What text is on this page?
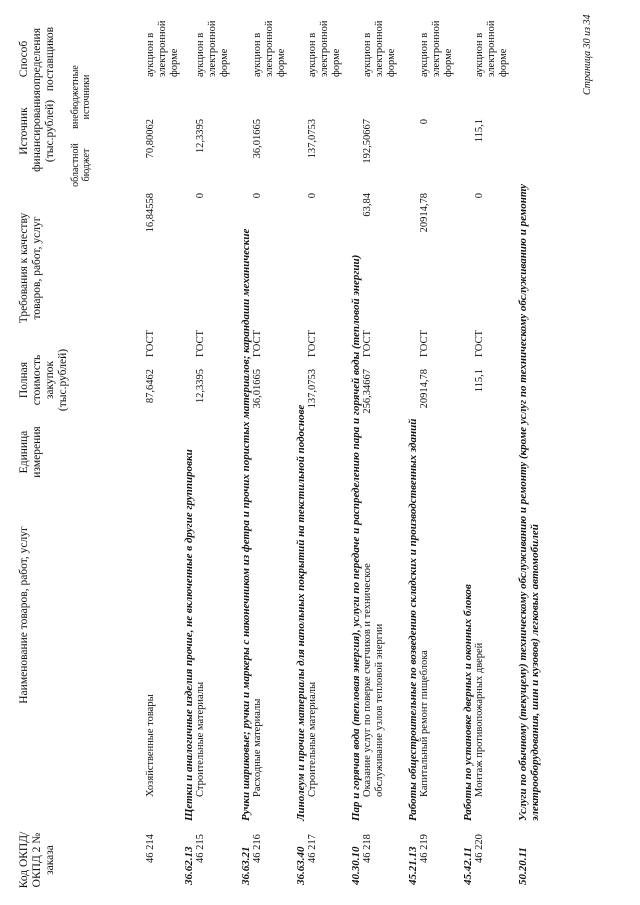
Код ОКПД/ ОКПД 2 № заказа
Наименование товаров, работ, услуг
Единица измерения
Полная стоимость закупок (тыс.рублей)
Требования к качеству товаров, работ, услуг
Источник финансирования (тыс.рублей)
областной бюджет
внебюджетные источники
Способ определения поставщиков
46 214
Хозяйственные товары
87,6462
ГОСТ
16,84558
70,80062
аукцион в электронной форме
36.62.13
Щетки и аналогичные изделия прочие, не включенные в другие группировки
46 215
Строительные материалы
12,3395
ГОСТ
0
12,3395
аукцион в электронной форме
36.63.21
Ручки шариковые; ручки и маркеры с наконечником из фетра и прочих пористых материалов; карандаши механические
46 216
Расходные материалы
36,01665
ГОСТ
0
36,01665
аукцион в электронной форме
36.63.40
Линолеум и прочие материалы для напольных покрытий на текстильной подоснове
46 217
Строительные материалы
137,0753
ГОСТ
0
137,0753
аукцион в электронной форме
40.30.10
Пар и горячая вода (тепловая энергия), услуги по передаче и распределению пара и горячей воды (тепловой энергии)
46 218
Оказание услуг по поверке счетчиков и техническое обслуживание узлов тепловой энергии
256,34667
ГОСТ
63,84
192,50667
аукцион в электронной форме
45.21.13
Работы общестроительные по возведению складских и производственных зданий
46 219
Капитальный ремонт пищеблока
20914,78
ГОСТ
20914,78
0
аукцион в электронной форме
45.42.11
Работы по установке дверных и оконных блоков
46 220
Монтаж противопожарных дверей
115,1
ГОСТ
0
115,1
аукцион в электронной форме
50.20.11
Услуги по обычному (текущему) техническому обслуживанию и ремонту (кроме услуг по техническому обслуживанию и ремонту электрооборудования, шин и кузовов) легковых автомобилей
Страница 30 из 34
